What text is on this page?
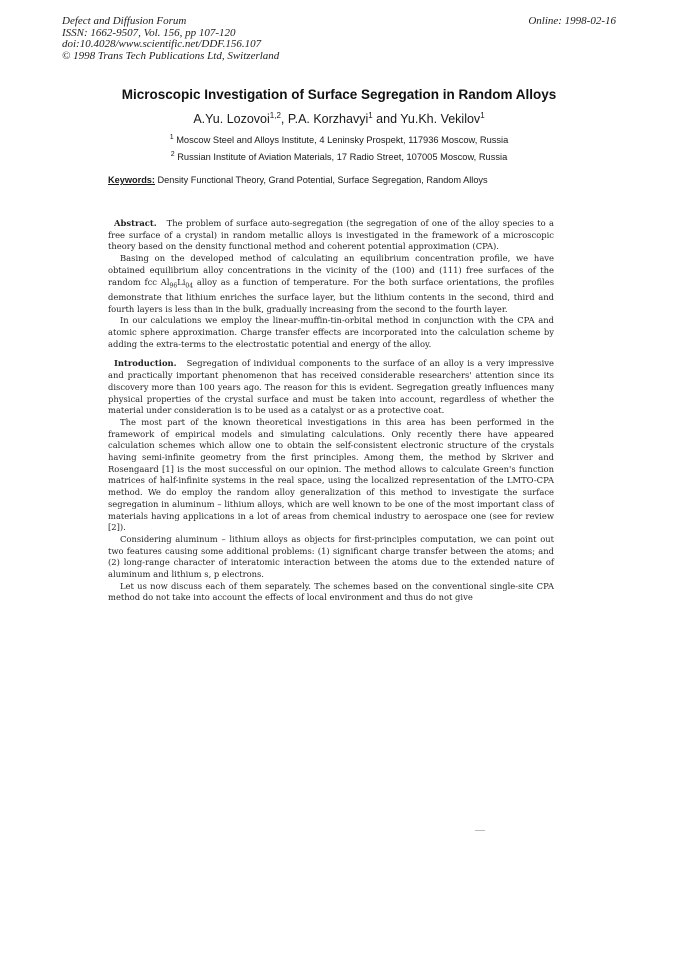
Defect and Diffusion Forum
ISSN: 1662-9507, Vol. 156, pp 107-120
doi:10.4028/www.scientific.net/DDF.156.107
© 1998 Trans Tech Publications Ltd, Switzerland
Online: 1998-02-16
Microscopic Investigation of Surface Segregation in Random Alloys
A.Yu. Lozovoi$^{1,2}$, P.A. Korzhavyi$^1$ and Yu.Kh. Vekilov$^1$
$^1$ Moscow Steel and Alloys Institute, 4 Leninsky Prospekt, 117936 Moscow, Russia
$^2$ Russian Institute of Aviation Materials, 17 Radio Street, 107005 Moscow, Russia
Keywords: Density Functional Theory, Grand Potential, Surface Segregation, Random Alloys

Abstract. The problem of surface auto-segregation (the segregation of one of the alloy species to a free surface of a crystal) in random metallic alloys is investigated in the framework of a microscopic theory based on the density functional method and coherent potential approximation (CPA).

Basing on the developed method of calculating an equilibrium concentration profile, we have obtained equilibrium alloy concentrations in the vicinity of the (100) and (111) free surfaces of the random fcc $Al_{96}Li_{04}$ alloy as a function of temperature. For the both surface orientations, the profiles demonstrate that lithium enriches the surface layer, but the lithium contents in the second, third and fourth layers is less than in the bulk, gradually increasing from the second to the fourth layer.

In our calculations we employ the linear-muffin-tin-orbital method in conjunction with the CPA and atomic sphere approximation. Charge transfer effects are incorporated into the calculation scheme by adding the extra-terms to the electrostatic potential and energy of the alloy.

Introduction. Segregation of individual components to the surface of an alloy is a very impressive and practically important phenomenon that has received considerable researchers' attention since its discovery more than 100 years ago. The reason for this is evident. Segregation greatly influences many physical properties of the crystal surface and must be taken into account, regardless of whether the material under consideration is to be used as a catalyst or as a protective coat.

The most part of the known theoretical investigations in this area has been performed in the framework of empirical models and simulating calculations. Only recently there have appeared calculation schemes which allow one to obtain the self-consistent electronic structure of the crystals having semi-infinite geometry from the first principles. Among them, the method by Skriver and Rosengaard [1] is the most successful on our opinion. The method allows to calculate Green's function matrices of half-infinite systems in the real space, using the localized representation of the LMTO-CPA method. We do employ the random alloy generalization of this method to investigate the surface segregation in aluminum – lithium alloys, which are well known to be one of the most important class of materials having applications in a lot of areas from chemical industry to aerospace one (see for review [2]).

Considering aluminum – lithium alloys as objects for first-principles computation, we can point out two features causing some additional problems: (1) significant charge transfer between the atoms; and (2) long-range character of interatomic interaction between the atoms due to the extended nature of aluminum and lithium s, p electrons.

Let us now discuss each of them separately. The schemes based on the conventional single-site CPA method do not take into account the effects of local environment and thus do not give
